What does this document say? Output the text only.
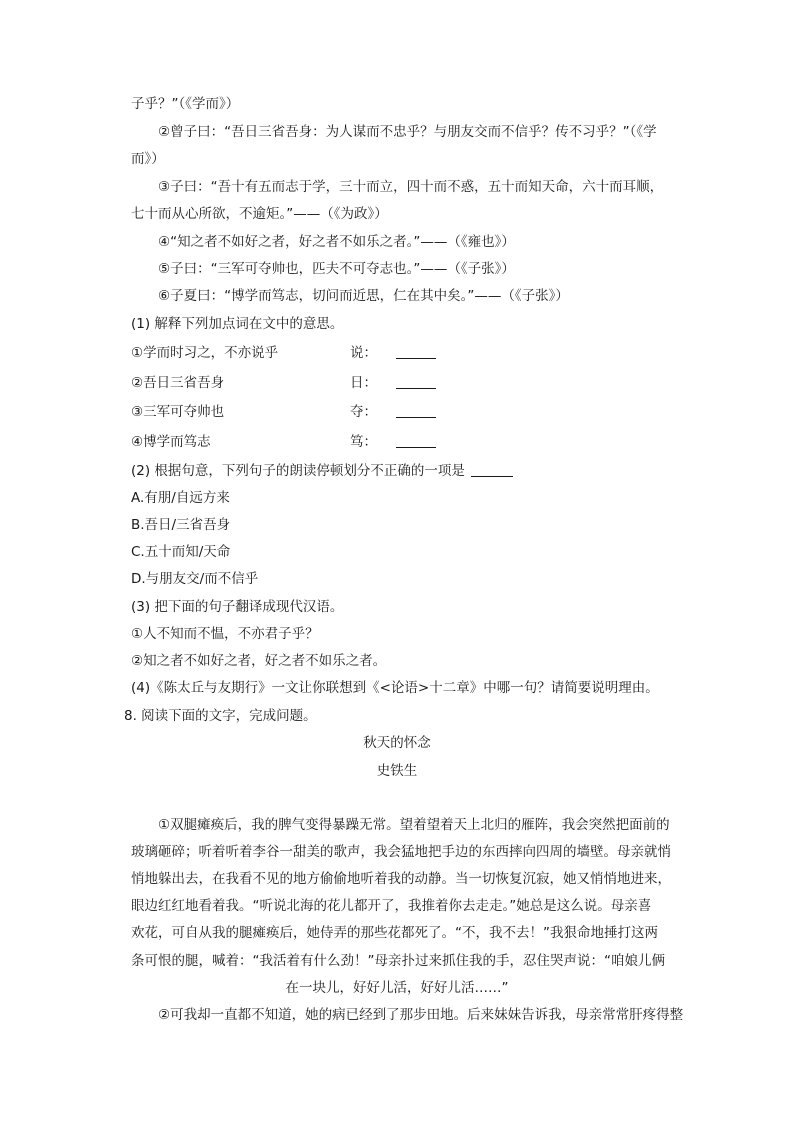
子乎？”（《学而》）
②曾子曰：“吾日三省吾身：为人谋而不忠乎？与朋友交而不信乎？传不习乎？”（《学
而》）
③子曰：“吾十有五而志于学，三十而立，四十而不惑，五十而知天命，六十而耳顺，
七十而从心所欲，不逾矩。”——（《为政》）
④“知之者不如好之者，好之者不如乐之者。”——（《雍也》）
⑤子曰：“三军可夺帅也，匹夫不可夺志也。”——（《子张》）
⑥子夏曰：“博学而笃志，切问而近思，仁在其中矣。”——（《子张》）
(1) 解释下列加点词在文中的意思。
①学而时习之，不亦说乎	说：
②吾日三省吾身	日：
③三军可夺帅也	夺：
④博学而笃志	笃：
(2) 根据句意，下列句子的朗读停顿划分不正确的一项是
A.有朋/自远方来
B.吾日/三省吾身
C.五十而知/天命
D.与朋友交/而不信乎
(3) 把下面的句子翻译成现代汉语。
①人不知而不愠，不亦君子乎？
②知之者不如好之者，好之者不如乐之者。
(4)《陈太丘与友期行》一文让你联想到《<论语>十二章》中哪一句？请简要说明理由。
8. 阅读下面的文字，完成问题。
秋天的怀念
史铁生
①双腿瘫痪后，我的脾气变得暴躁无常。望着望着天上北归的雁阵，我会突然把面前的
玻璃砸碎；听着听着李谷一甜美的歌声，我会猛地把手边的东西摔向四周的墙壁。母亲就悄
悄地躲出去，在我看不见的地方偷偷地听着我的动静。当一切恢复沉寂，她又悄悄地进来，
眼边红红地看着我。“听说北海的花儿都开了，我推着你去走走。”她总是这么说。母亲喜
欢花，可自从我的腿瘫痪后，她侍弄的那些花都死了。“不，我不去！”我狠命地捶打这两
条可恨的腿，喊着：“我活着有什么劲！”母亲扑过来抓住我的手，忍住哭声说：“咱娘儿俩
在一块儿，好好儿活，好好儿活……”
②可我却一直都不知道，她的病已经到了那步田地。后来妹妹告诉我，母亲常常肝疼得整
